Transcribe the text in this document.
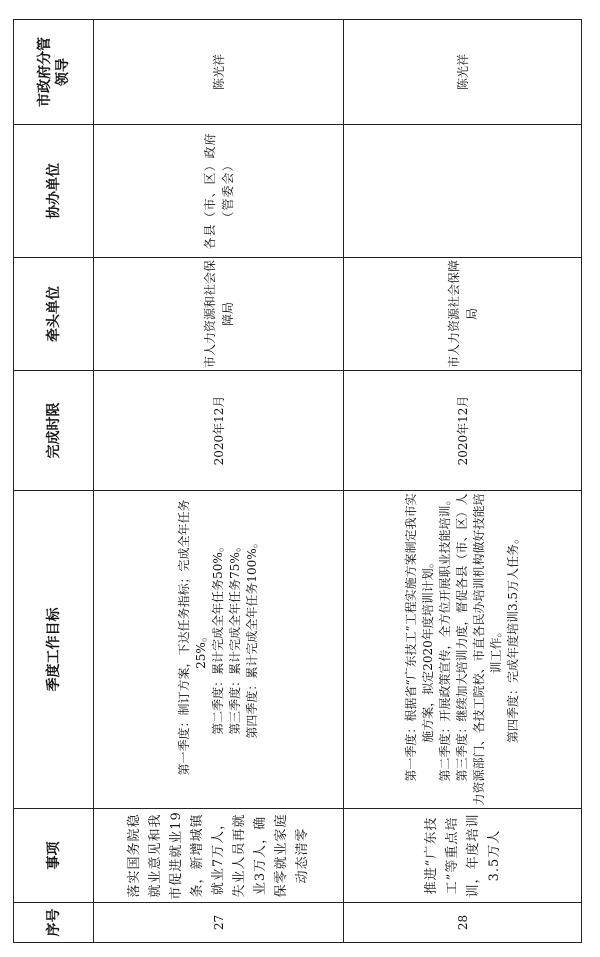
序号	事项	季度工作目标	完成时限	牵头单位	协办单位	市政府分管领导
27	落实国务院稳就业意见和我市促进就业19条，新增城镇就业7万人，失业人员再就业3万人，确保零就业家庭动态清零	第一季度：制订方案，下达任务指标；完成全年任务25%。 第二季度：累计完成全年任务50%。 第三季度：累计完成全年任务75%。 第四季度：累计完成全年任务100%。	2020年12月	市人力资源和社会保障局	各县（市、区）政府（管委会）	陈光祥
28	推进“广东技工”等重点培训，年度培训3.5万人	第一季度：根据省“广东技工”工程实施方案制定我市实施方案，拟定2020年度培训计划。 第二季度：开展政策宣传，全方位开展职业技能培训。 第三季度：继续加大培训力度，督促各县（市、区）人力资源部门、各技工院校、市直各民办培训机构做好技能培训工作。 第四季度：完成年度培训3.5万人任务。	2020年12月	市人力资源社会保障局		陈光祥
